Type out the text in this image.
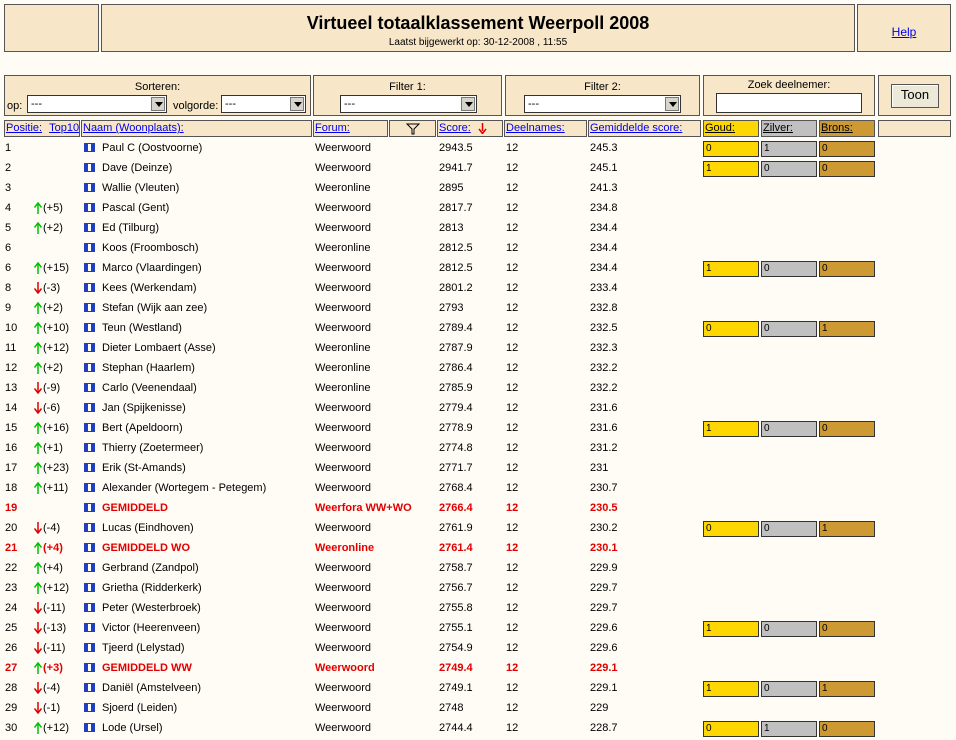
Virtueel totaalklassement Weerpoll 2008
Laatst bijgewerkt op: 30-12-2008 , 11:55
Help
Sorteren:
op: ---	volgorde: ---
Filter 1:
---
Filter 2:
---
Zoek deelnemer:
Toon
Positie: Top10 Naam (Woonplaats):	Forum:	Score:	Deelnames:	Gemiddelde score:	Goud:	Zilver:	Brons:
1	Paul C (Oostvoorne)	Weerwoord	2943.5	12	245.3	0	1	0
2	Dave (Deinze)	Weerwoord	2941.7	12	245.1	1	0	0
3	Wallie (Vleuten)	Weeronline	2895	12	241.3
4	(+5)	Pascal (Gent)	Weerwoord	2817.7	12	234.8
5	(+2)	Ed (Tilburg)	Weerwoord	2813	12	234.4
6	Koos (Froombosch)	Weeronline	2812.5	12	234.4
6	(+15)	Marco (Vlaardingen)	Weerwoord	2812.5	12	234.4	1	0	0
8	(-3)	Kees (Werkendam)	Weerwoord	2801.2	12	233.4
9	(+2)	Stefan (Wijk aan zee)	Weerwoord	2793	12	232.8
10 (+10)	Teun (Westland)	Weerwoord	2789.4	12	232.5	0	0	1
11 (+12)	Dieter Lombaert (Asse)	Weeronline	2787.9	12	232.3
12 (+2)	Stephan (Haarlem)	Weeronline	2786.4	12	232.2
13 (-9)	Carlo (Veenendaal)	Weeronline	2785.9	12	232.2
14 (-6)	Jan (Spijkenisse)	Weerwoord	2779.4	12	231.6
15 (+16)	Bert (Apeldoorn)	Weerwoord	2778.9	12	231.6	1	0	0
16 (+1)	Thierry (Zoetermeer)	Weerwoord	2774.8	12	231.2
17 (+23)	Erik (St-Amands)	Weerwoord	2771.7	12	231
18 (+11)	Alexander (Wortegem - Petegem)	Weerwoord	2768.4	12	230.7
19	GEMIDDELD	Weerfora WW+WO 2766.4	12	230.5
20 (-4)	Lucas (Eindhoven)	Weerwoord	2761.9	12	230.2	0	0	1
21 (+4)	GEMIDDELD WO	Weeronline	2761.4	12	230.1
22 (+4)	Gerbrand (Zandpol)	Weerwoord	2758.7	12	229.9
23 (+12)	Grietha (Ridderkerk)	Weerwoord	2756.7	12	229.7
24 (-11)	Peter (Westerbroek)	Weerwoord	2755.8	12	229.7
25 (-13)	Victor (Heerenveen)	Weerwoord	2755.1	12	229.6	1	0	0
26 (-11)	Tjeerd (Lelystad)	Weerwoord	2754.9	12	229.6
27 (+3)	GEMIDDELD WW	Weerwoord	2749.4	12	229.1
28 (-4)	Daniël (Amstelveen)	Weerwoord	2749.1	12	229.1	1	0	1
29 (-1)	Sjoerd (Leiden)	Weerwoord	2748	12	229
30 (+12)	Lode (Ursel)	Weerwoord	2744.4	12	228.7	0	1	0
